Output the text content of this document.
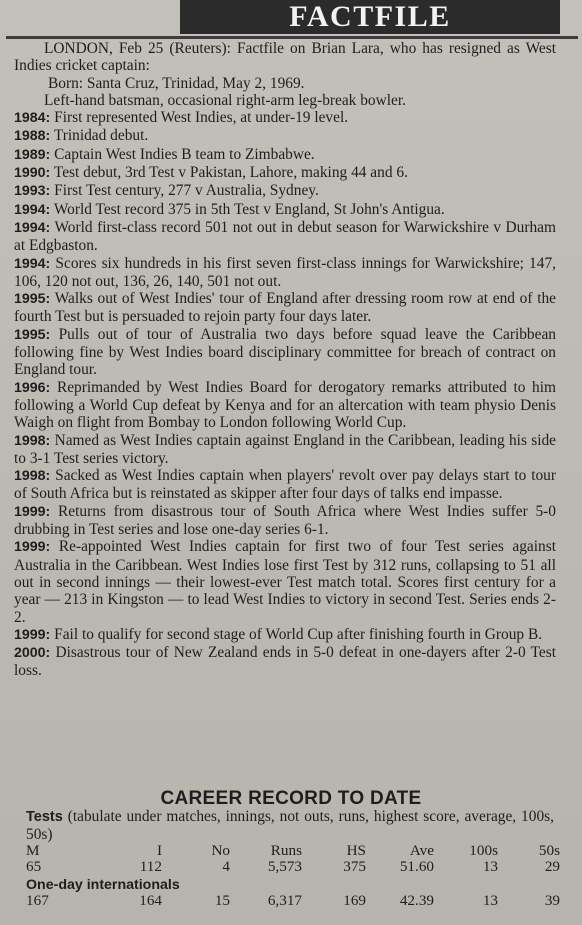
FACTFILE

LONDON, Feb 25 (Reuters): Factfile on Brian Lara, who has resigned as West Indies cricket captain:

Born: Santa Cruz, Trinidad, May 2, 1969.

Left-hand batsman, occasional right-arm leg-break bowler.

1984: First represented West Indies, at under-19 level.

1988: Trinidad debut.

1989: Captain West Indies B team to Zimbabwe.

1990: Test debut, 3rd Test v Pakistan, Lahore, making 44 and 6.

1993: First Test century, 277 v Australia, Sydney.

1994: World Test record 375 in 5th Test v England, St John's Antigua.

1994: World first-class record 501 not out in debut season for Warwickshire v Durham at Edgbaston.

1994: Scores six hundreds in his first seven first-class innings for Warwickshire; 147, 106, 120 not out, 136, 26, 140, 501 not out.

1995: Walks out of West Indies' tour of England after dressing room row at end of the fourth Test but is persuaded to rejoin party four days later.

1995: Pulls out of tour of Australia two days before squad leave the Caribbean following fine by West Indies board disciplinary committee for breach of contract on England tour.

1996: Reprimanded by West Indies Board for derogatory remarks attributed to him following a World Cup defeat by Kenya and for an altercation with team physio Denis Waigh on flight from Bombay to London following World Cup.

1998: Named as West Indies captain against England in the Caribbean, leading his side to 3-1 Test series victory.

1998: Sacked as West Indies captain when players' revolt over pay delays start to tour of South Africa but is reinstated as skipper after four days of talks end impasse.

1999: Returns from disastrous tour of South Africa where West Indies suffer 5-0 drubbing in Test series and lose one-day series 6-1.

1999: Re-appointed West Indies captain for first two of four Test series against Australia in the Caribbean. West Indies lose first Test by 312 runs, collapsing to 51 all out in second innings — their lowest-ever Test match total. Scores first century for a year — 213 in Kingston — to lead West Indies to victory in second Test. Series ends 2-2.

1999: Fail to qualify for second stage of World Cup after finishing fourth in Group B.

2000: Disastrous tour of New Zealand ends in 5-0 defeat in one-dayers after 2-0 Test loss.

CAREER RECORD TO DATE
Tests (tabulate under matches, innings, not outs, runs, highest score, average, 100s, 50s)
M	I	No	Runs	HS	Ave	100s	50s
65	112	4	5,573	375	51.60	13	29
One-day internationals							
167	164	15	6,317	169	42.39	13	39
